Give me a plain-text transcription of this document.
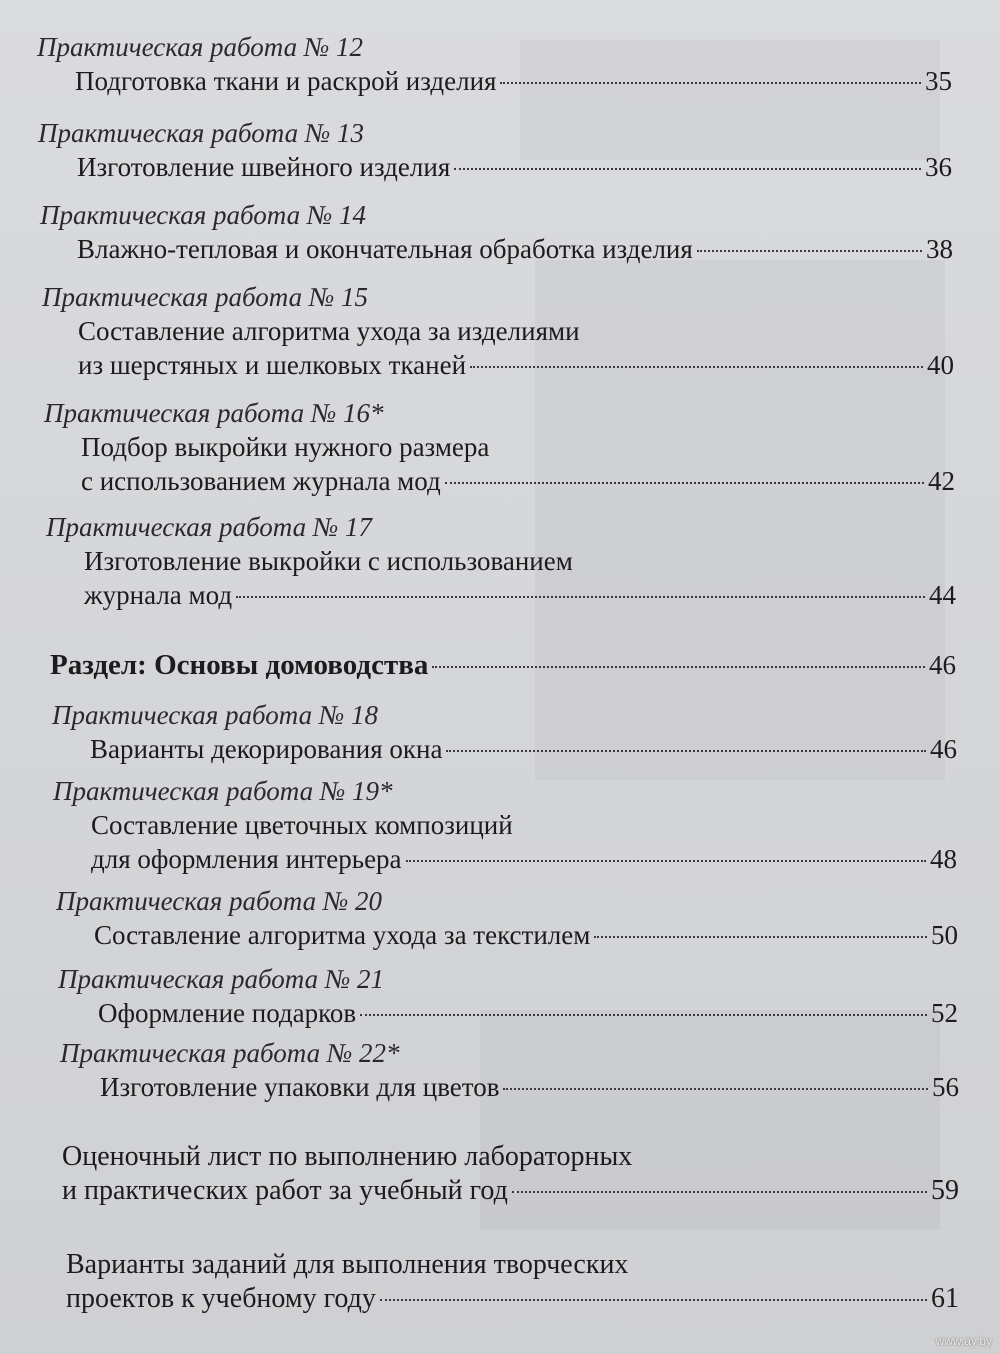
Практическая работа № 12
Подготовка ткани и раскрой изделия	35
Практическая работа № 13
Изготовление швейного изделия	36
Практическая работа № 14
Влажно-тепловая и окончательная обработка изделия	38
Практическая работа № 15
Составление алгоритма ухода за изделиями
из шерстяных и шелковых тканей	40
Практическая работа № 16*
Подбор выкройки нужного размера
с использованием журнала мод	42
Практическая работа № 17
Изготовление выкройки с использованием
журнала мод	44
Раздел: Основы домоводства	46
Практическая работа № 18
Варианты декорирования окна	46
Практическая работа № 19*
Составление цветочных композиций
для оформления интерьера	48
Практическая работа № 20
Составление алгоритма ухода за текстилем	50
Практическая работа № 21
Оформление подарков	52
Практическая работа № 22*
Изготовление упаковки для цветов	56
Оценочный лист по выполнению лабораторных
и практических работ за учебный год	59
Варианты заданий для выполнения творческих
проектов к учебному году	61
www.ay.by
